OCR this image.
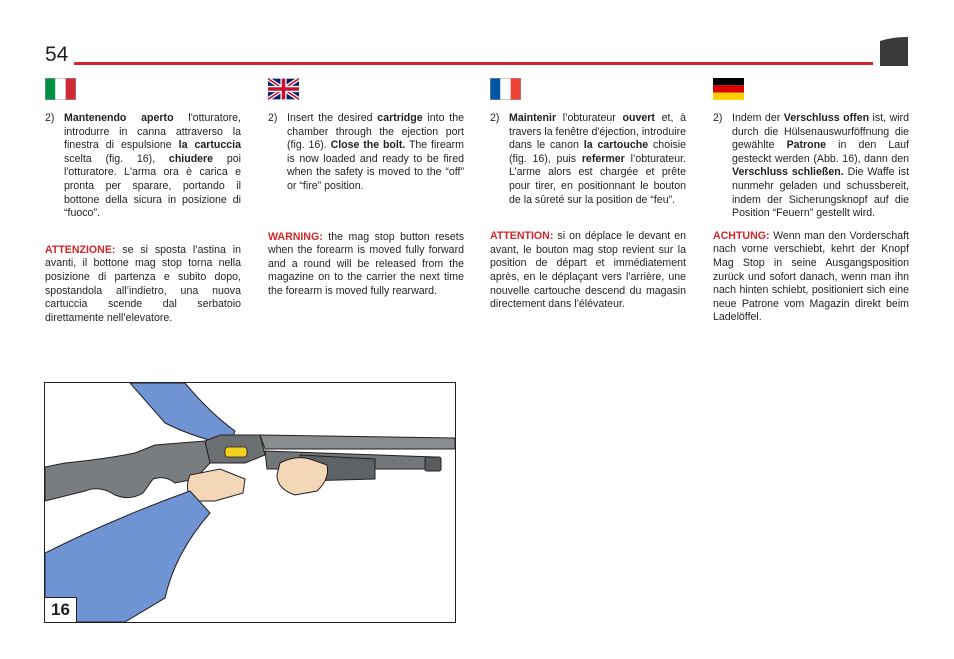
54
2) Mantenendo aperto l'otturatore, introdurre in canna attraverso la finestra di espulsione la cartuccia scelta (fig. 16), chiudere poi l'otturatore. L'arma ora è carica e pronta per sparare, portando il bottone della sicura in posizione di “fuoco”.
ATTENZIONE: se si sposta l’astina in avanti, il bottone mag stop torna nella posizione di partenza e subito dopo, spostandola all’indietro, una nuova cartuccia scende dal serbatoio direttamente nell’elevatore.
2) Insert the desired cartridge into the chamber through the ejection port (fig. 16). Close the bolt. The firearm is now loaded and ready to be fired when the safety is moved to the “off” or “fire” position.
WARNING: the mag stop button resets when the forearm is moved fully forward and a round will be released from the magazine on to the carrier the next time the forearm is moved fully rearward.
2) Maintenir l’obturateur ouvert et, à travers la fenêtre d'éjection, introduire dans le canon la cartouche choisie (fig. 16), puis refermer l’obturateur. L’arme alors est chargée et prête pour tirer, en positionnant le bouton de la sûreté sur la position de “feu”.
ATTENTION: si on déplace le devant en avant, le bouton mag stop revient sur la position de départ et immédiatement après, en le déplaçant vers l’arrière, une nouvelle cartouche descend du magasin directement dans l’élévateur.
2) Indem der Verschluss offen ist, wird durch die Hülsenauswurföffnung die gewählte Patrone in den Lauf gesteckt werden (Abb. 16), dann den Verschluss schließen. Die Waffe ist nunmehr geladen und schussbereit, indem der Sicherungsknopf auf die Position “Feuern” gestellt wird.
ACHTUNG: Wenn man den Vorderschaft nach vorne verschiebt, kehrt der Knopf Mag Stop in seine Ausgangsposition zurück und sofort danach, wenn man ihn nach hinten schiebt, positioniert sich eine neue Patrone vom Magazin direkt beim Ladelöffel.
16
